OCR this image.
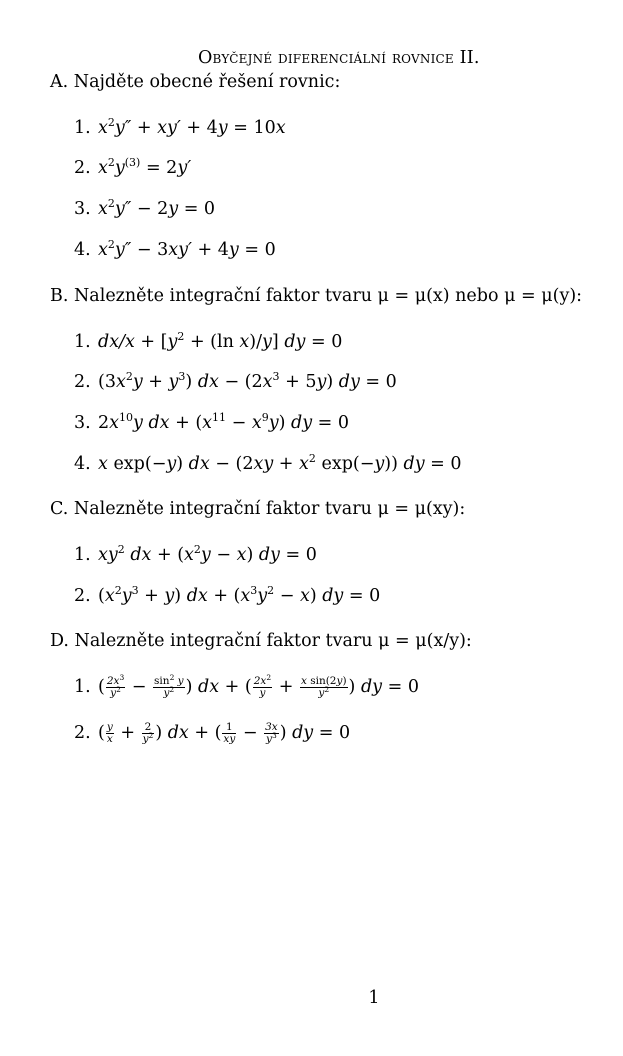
Obyčejné diferenciální rovnice II.
A. Najděte obecné řešení rovnic:
1. $x^2y'' + xy' + 4y = 10x$
2. $x^2y^{(3)} = 2y'$
3. $x^2y'' - 2y = 0$
4. $x^2y'' - 3xy' + 4y = 0$
B. Nalezněte integrační faktor tvaru μ = μ(x) nebo μ = μ(y):
1. $dx/x + [y^2 + (\ln$ x)/y] dy = 0
2. $(3x^2y + y^3)$ dx − $(2x^3 + 5y)$ dy = 0
3. $2x^{10}y$ dx + $(x^{11} - x^9y)$ dy = 0
4. x exp(−y) dx − ($2xy + x^2$ exp(−y)) dy = 0
C. Nalezněte integrační faktor tvaru μ = μ(xy):
1. $xy^2$ dx + $(x^2y - x)$ dy = 0
2. $(x^2y^3 + y)$ dx + $(x^3y^2 - x)$ dy = 0
D. Nalezněte integrační faktor tvaru μ = μ(x/y):
1. ( $\frac{2x^3}{y^2} - \frac{\sin^2 y}{y^2}$ ) dx + ( $\frac{2x^2}{y} + \frac{\text{x sin(2y)}}{y^2}$ ) dy = 0
2. ( $\frac{y}{x} + \frac{2}{y^2}$ ) dx + ( $\frac{1}{xy} - \frac{3x}{y^3}$ ) dy = 0
1
